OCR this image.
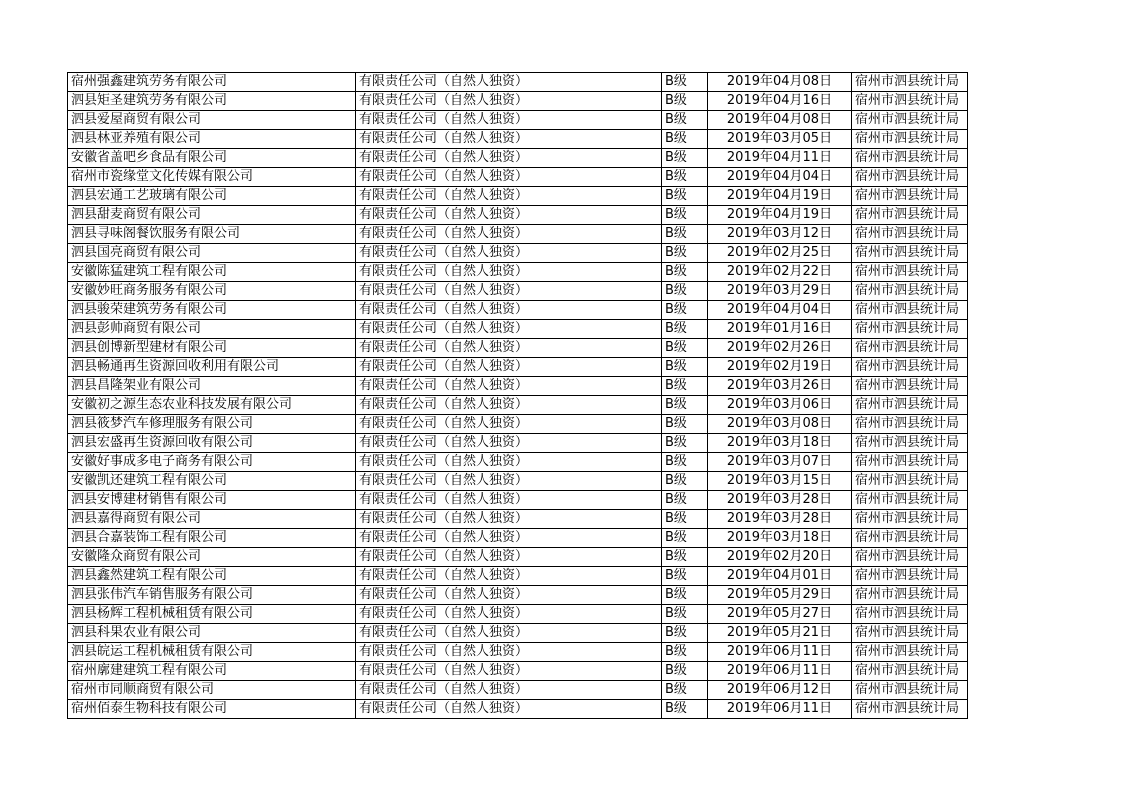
宿州强鑫建筑劳务有限公司	有限责任公司（自然人独资）	B级	2019年04月08日	宿州市泗县统计局
泗县矩圣建筑劳务有限公司	有限责任公司（自然人独资）	B级	2019年04月16日	宿州市泗县统计局
泗县爱屋商贸有限公司	有限责任公司（自然人独资）	B级	2019年04月08日	宿州市泗县统计局
泗县林亚养殖有限公司	有限责任公司（自然人独资）	B级	2019年03月05日	宿州市泗县统计局
安徽省盖吧乡食品有限公司	有限责任公司（自然人独资）	B级	2019年04月11日	宿州市泗县统计局
宿州市瓷缘堂文化传媒有限公司	有限责任公司（自然人独资）	B级	2019年04月04日	宿州市泗县统计局
泗县宏通工艺玻璃有限公司	有限责任公司（自然人独资）	B级	2019年04月19日	宿州市泗县统计局
泗县甜麦商贸有限公司	有限责任公司（自然人独资）	B级	2019年04月19日	宿州市泗县统计局
泗县寻味阁餐饮服务有限公司	有限责任公司（自然人独资）	B级	2019年03月12日	宿州市泗县统计局
泗县国亮商贸有限公司	有限责任公司（自然人独资）	B级	2019年02月25日	宿州市泗县统计局
安徽陈猛建筑工程有限公司	有限责任公司（自然人独资）	B级	2019年02月22日	宿州市泗县统计局
安徽妙旺商务服务有限公司	有限责任公司（自然人独资）	B级	2019年03月29日	宿州市泗县统计局
泗县骏荣建筑劳务有限公司	有限责任公司（自然人独资）	B级	2019年04月04日	宿州市泗县统计局
泗县彭帅商贸有限公司	有限责任公司（自然人独资）	B级	2019年01月16日	宿州市泗县统计局
泗县创博新型建材有限公司	有限责任公司（自然人独资）	B级	2019年02月26日	宿州市泗县统计局
泗县畅通再生资源回收利用有限公司	有限责任公司（自然人独资）	B级	2019年02月19日	宿州市泗县统计局
泗县昌隆架业有限公司	有限责任公司（自然人独资）	B级	2019年03月26日	宿州市泗县统计局
安徽初之源生态农业科技发展有限公司	有限责任公司（自然人独资）	B级	2019年03月06日	宿州市泗县统计局
泗县筱梦汽车修理服务有限公司	有限责任公司（自然人独资）	B级	2019年03月08日	宿州市泗县统计局
泗县宏盛再生资源回收有限公司	有限责任公司（自然人独资）	B级	2019年03月18日	宿州市泗县统计局
安徽好事成多电子商务有限公司	有限责任公司（自然人独资）	B级	2019年03月07日	宿州市泗县统计局
安徽凯还建筑工程有限公司	有限责任公司（自然人独资）	B级	2019年03月15日	宿州市泗县统计局
泗县安博建材销售有限公司	有限责任公司（自然人独资）	B级	2019年03月28日	宿州市泗县统计局
泗县嘉得商贸有限公司	有限责任公司（自然人独资）	B级	2019年03月28日	宿州市泗县统计局
泗县合嘉装饰工程有限公司	有限责任公司（自然人独资）	B级	2019年03月18日	宿州市泗县统计局
安徽隆众商贸有限公司	有限责任公司（自然人独资）	B级	2019年02月20日	宿州市泗县统计局
泗县鑫然建筑工程有限公司	有限责任公司（自然人独资）	B级	2019年04月01日	宿州市泗县统计局
泗县张伟汽车销售服务有限公司	有限责任公司（自然人独资）	B级	2019年05月29日	宿州市泗县统计局
泗县杨辉工程机械租赁有限公司	有限责任公司（自然人独资）	B级	2019年05月27日	宿州市泗县统计局
泗县科果农业有限公司	有限责任公司（自然人独资）	B级	2019年05月21日	宿州市泗县统计局
泗县皖运工程机械租赁有限公司	有限责任公司（自然人独资）	B级	2019年06月11日	宿州市泗县统计局
宿州廓建建筑工程有限公司	有限责任公司（自然人独资）	B级	2019年06月11日	宿州市泗县统计局
宿州市同顺商贸有限公司	有限责任公司（自然人独资）	B级	2019年06月12日	宿州市泗县统计局
宿州佰泰生物科技有限公司	有限责任公司（自然人独资）	B级	2019年06月11日	宿州市泗县统计局
